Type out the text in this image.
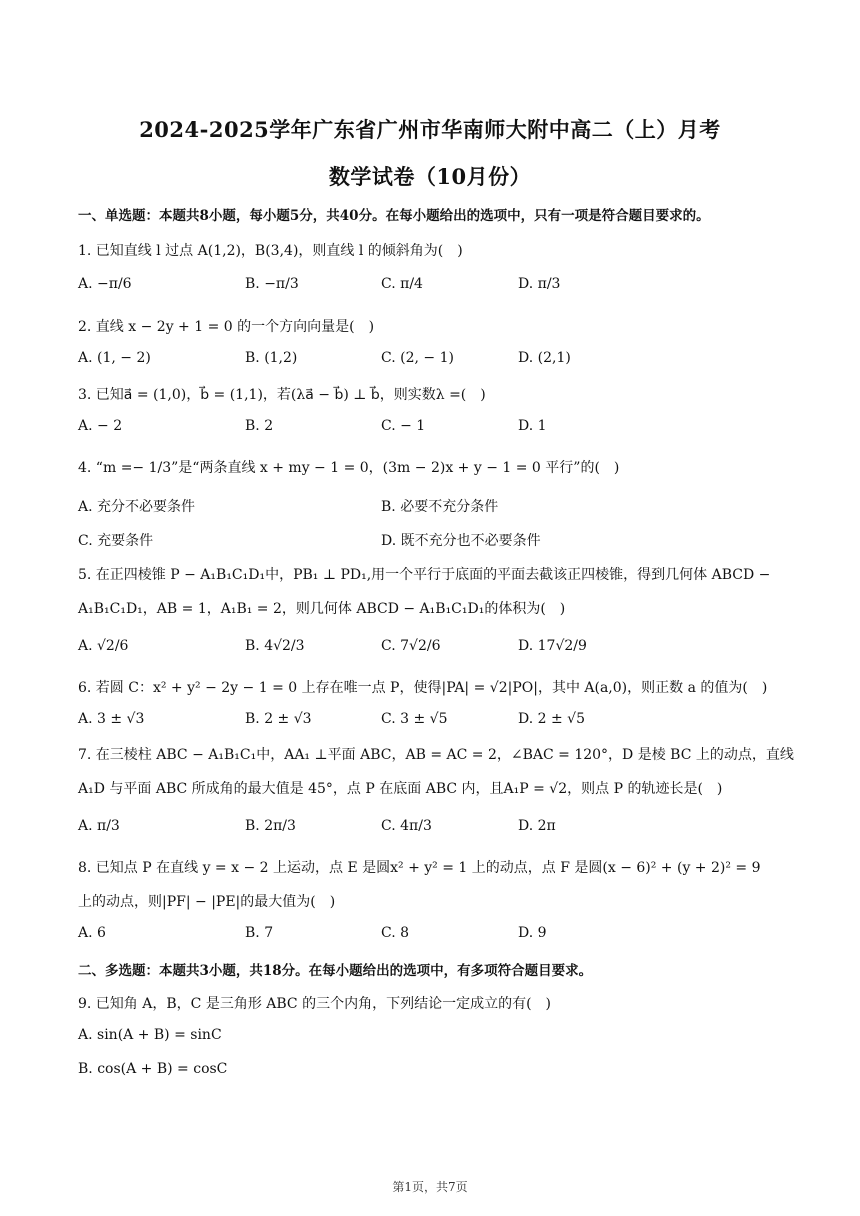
2024-2025学年广东省广州市华南师大附中高二（上）月考
数学试卷（10月份）
一、单选题：本题共8小题，每小题5分，共40分。在每小题给出的选项中，只有一项是符合题目要求的。
1. 已知直线 l 过点 A(1,2)，B(3,4)，则直线 l 的倾斜角为(　)
A. −π/6	B. −π/3	C. π/4	D. π/3
2. 直线 x − 2y + 1 = 0 的一个方向向量是(　)
A. (1, − 2)	B. (1,2)	C. (2, − 1)	D. (2,1)
3. 已知a⃗ = (1,0)，b⃗ = (1,1)，若(λa⃗ − b⃗) ⊥ b⃗，则实数λ =(　)
A. − 2	B. 2	C. − 1	D. 1
4. “m =− 1/3”是“两条直线 x + my − 1 = 0，(3m − 2)x + y − 1 = 0 平行”的(　)
A. 充分不必要条件	B. 必要不充分条件
C. 充要条件	D. 既不充分也不必要条件
5. 在正四棱锥 P − A₁B₁C₁D₁中，PB₁ ⊥ PD₁,用一个平行于底面的平面去截该正四棱锥，得到几何体 ABCD −
A₁B₁C₁D₁，AB = 1，A₁B₁ = 2，则几何体 ABCD − A₁B₁C₁D₁的体积为(　)
A. √2/6	B. 4√2/3	C. 7√2/6	D. 17√2/9
6. 若圆 C：x² + y² − 2y − 1 = 0 上存在唯一点 P，使得|PA| = √2|PO|，其中 A(a,0)，则正数 a 的值为(　)
A. 3 ± √3	B. 2 ± √3	C. 3 ± √5	D. 2 ± √5
7. 在三棱柱 ABC − A₁B₁C₁中，AA₁ ⊥平面 ABC，AB = AC = 2，∠BAC = 120°，D 是棱 BC 上的动点，直线
A₁D 与平面 ABC 所成角的最大值是 45°，点 P 在底面 ABC 内，且A₁P = √2，则点 P 的轨迹长是(　)
A. π/3	B. 2π/3	C. 4π/3	D. 2π
8. 已知点 P 在直线 y = x − 2 上运动，点 E 是圆x² + y² = 1 上的动点，点 F 是圆(x − 6)² + (y + 2)² = 9
上的动点，则|PF| − |PE|的最大值为(　)
A. 6	B. 7	C. 8	D. 9
二、多选题：本题共3小题，共18分。在每小题给出的选项中，有多项符合题目要求。
9. 已知角 A，B，C 是三角形 ABC 的三个内角，下列结论一定成立的有(　)
A. sin(A + B) = sinC
B. cos(A + B) = cosC
第1页，共7页
